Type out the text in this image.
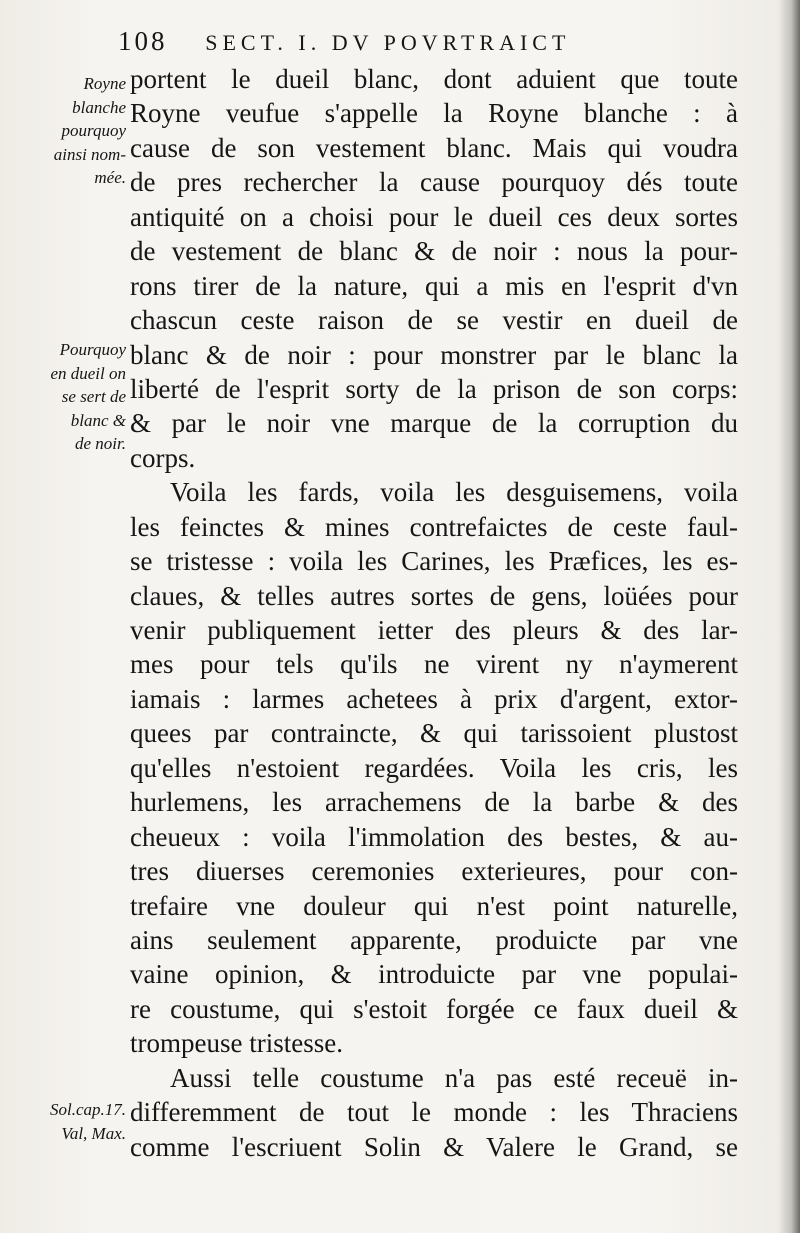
108 SECT. I. DV POVRTRAICT
Royne
blanche
pourquoy
ainsi nom-
mée.
Pourquoy
en dueil on
se sert de
blanc &
de noir.
Sol.cap.17.
Val, Max.
portent le dueil blanc, dont aduient que toute
Royne veufue s'appelle la Royne blanche : à
cause de son vestement blanc. Mais qui voudra
de pres rechercher la cause pourquoy dés toute
antiquité on a choisi pour le dueil ces deux sortes
de vestement de blanc & de noir : nous la pour-
rons tirer de la nature, qui a mis en l'esprit d'vn
chascun ceste raison de se vestir en dueil de
blanc & de noir : pour monstrer par le blanc la
liberté de l'esprit sorty de la prison de son corps:
& par le noir vne marque de la corruption du
corps.
Voila les fards, voila les desguisemens, voila
les feinctes & mines contrefaictes de ceste faul-
se tristesse : voila les Carines, les Præfices, les es-
claues, & telles autres sortes de gens, loüées pour
venir publiquement ietter des pleurs & des lar-
mes pour tels qu'ils ne virent ny n'aymerent
iamais : larmes achetees à prix d'argent, extor-
quees par contraincte, & qui tarissoient plustost
qu'elles n'estoient regardées. Voila les cris, les
hurlemens, les arrachemens de la barbe & des
cheueux : voila l'immolation des bestes, & au-
tres diuerses ceremonies exterieures, pour con-
trefaire vne douleur qui n'est point naturelle,
ains seulement apparente, produicte par vne
vaine opinion, & introduicte par vne populai-
re coustume, qui s'estoit forgée ce faux dueil &
trompeuse tristesse.
Aussi telle coustume n'a pas esté receuë in-
differemment de tout le monde : les Thraciens
comme l'escriuent Solin & Valere le Grand, se
